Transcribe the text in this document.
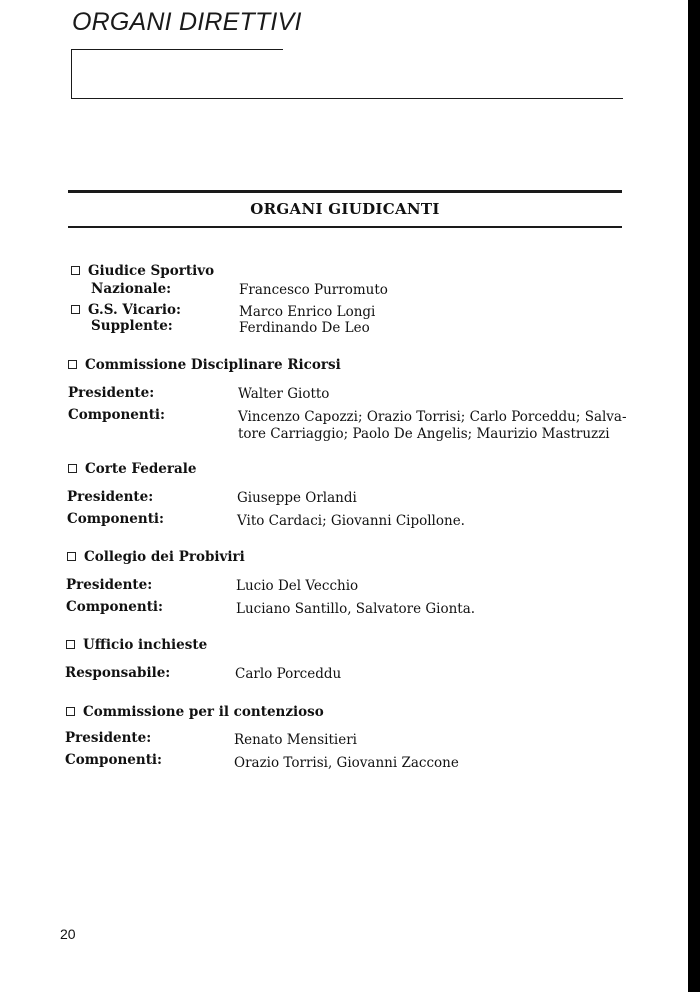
ORGANI DIRETTIVI
ORGANI GIUDICANTI
Giudice Sportivo
Nazionale:	Francesco Purromuto
G.S. Vicario:	Marco Enrico Longi
Supplente:	Ferdinando De Leo
Commissione Disciplinare Ricorsi
Presidente:	Walter Giotto
Componenti:	Vincenzo Capozzi; Orazio Torrisi; Carlo Porceddu; Salva-
tore Carriaggio; Paolo De Angelis; Maurizio Mastruzzi
Corte Federale
Presidente:	Giuseppe Orlandi
Componenti:	Vito Cardaci; Giovanni Cipollone.
Collegio dei Probiviri
Presidente:	Lucio Del Vecchio
Componenti:	Luciano Santillo, Salvatore Gionta.
Ufficio inchieste
Responsabile:	Carlo Porceddu
Commissione per il contenzioso
Presidente:	Renato Mensitieri
Componenti:	Orazio Torrisi, Giovanni Zaccone
20
